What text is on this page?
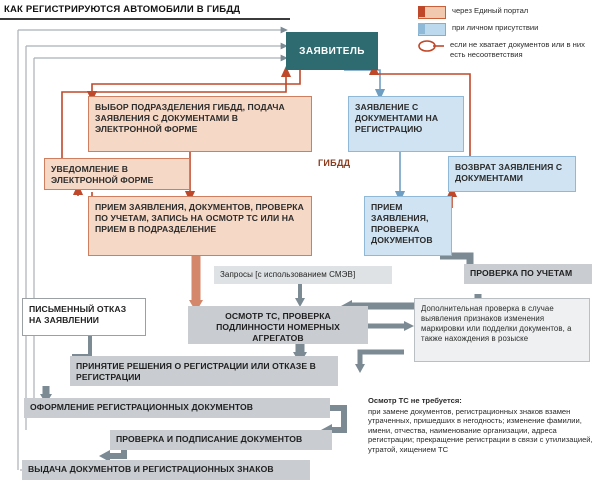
КАК РЕГИСТРИРУЮТСЯ АВТОМОБИЛИ В ГИБДД	через Единый портал
при личном присутствии
если не хватает документов или в них есть несоответствия
ЗАЯВИТЕЛЬ
ГИБДД
ВЫБОР ПОДРАЗДЕЛЕНИЯ ГИБДД, ПОДАЧА ЗАЯВЛЕНИЯ С ДОКУМЕНТАМИ В ЭЛЕКТРОННОЙ ФОРМЕ
УВЕДОМЛЕНИЕ В ЭЛЕКТРОННОЙ ФОРМЕ
ПРИЕМ ЗАЯВЛЕНИЯ, ДОКУМЕНТОВ, ПРОВЕРКА ПО УЧЕТАМ, ЗАПИСЬ НА ОСМОТР ТС ИЛИ НА ПРИЕМ В ПОДРАЗДЕЛЕНИЕ
ЗАЯВЛЕНИЕ С ДОКУМЕНТАМИ НА РЕГИСТРАЦИЮ
ВОЗВРАТ ЗАЯВЛЕНИЯ С ДОКУМЕНТАМИ
ПРИЕМ ЗАЯВЛЕНИЯ, ПРОВЕРКА ДОКУМЕНТОВ
Запросы [с использованием СМЭВ]	ПРОВЕРКА ПО УЧЕТАМ
ПИСЬМЕННЫЙ ОТКАЗ НА ЗАЯВЛЕНИИ	ОСМОТР ТС, ПРОВЕРКА ПОДЛИННОСТИ НОМЕРНЫХ АГРЕГАТОВ
Дополнительная проверка в случае выявления признаков изменения маркировки или подделки документов, а также нахождения в розыске
ПРИНЯТИЕ РЕШЕНИЯ О РЕГИСТРАЦИИ ИЛИ ОТКАЗЕ В РЕГИСТРАЦИИ
ОФОРМЛЕНИЕ РЕГИСТРАЦИОННЫХ ДОКУМЕНТОВ
ПРОВЕРКА И ПОДПИСАНИЕ ДОКУМЕНТОВ
ВЫДАЧА ДОКУМЕНТОВ И РЕГИСТРАЦИОННЫХ ЗНАКОВ
Осмотр ТС не требуется:
при замене документов, регистрационных знаков взамен утраченных, пришедших в негодность; изменение фамилии, имени, отчества, наименование организации, адреса регистрации; прекращение регистрации в связи с утилизацией, утратой, хищением ТС
